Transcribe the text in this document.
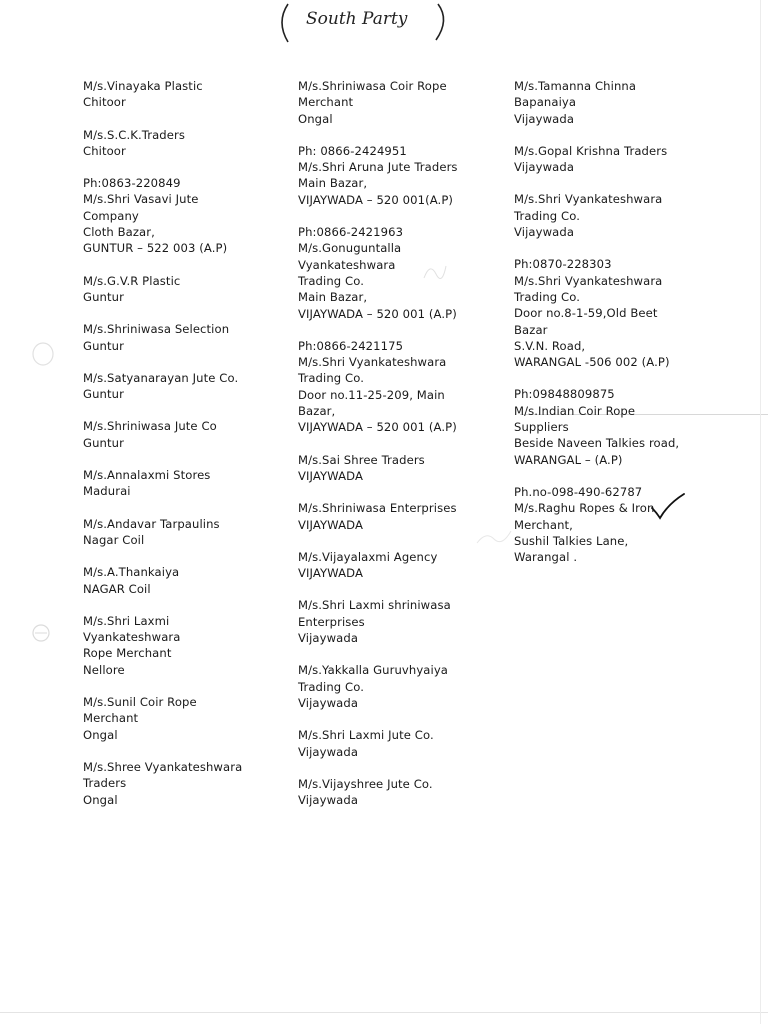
South Party
M/s.Vinayaka Plastic
Chitoor
M/s.S.C.K.Traders
Chitoor
Ph:0863-220849
M/s.Shri Vasavi Jute
Company
Cloth Bazar,
GUNTUR – 522 003 (A.P)
M/s.G.V.R Plastic
Guntur
M/s.Shriniwasa Selection
Guntur
M/s.Satyanarayan Jute Co.
Guntur
M/s.Shriniwasa Jute Co
Guntur
M/s.Annalaxmi Stores
Madurai
M/s.Andavar Tarpaulins
Nagar Coil
M/s.A.Thankaiya
NAGAR Coil
M/s.Shri Laxmi
Vyankateshwara
Rope Merchant
Nellore
M/s.Sunil Coir Rope
Merchant
Ongal
M/s.Shree Vyankateshwara
Traders
Ongal
M/s.Shriniwasa Coir Rope
Merchant
Ongal
Ph: 0866-2424951
M/s.Shri Aruna Jute Traders
Main Bazar,
VIJAYWADA – 520 001(A.P)
Ph:0866-2421963
M/s.Gonuguntalla
Vyankateshwara
Trading Co.
Main Bazar,
VIJAYWADA – 520 001 (A.P)
Ph:0866-2421175
M/s.Shri Vyankateshwara
Trading Co.
Door no.11-25-209, Main
Bazar,
VIJAYWADA – 520 001 (A.P)
M/s.Sai Shree Traders
VIJAYWADA
M/s.Shriniwasa Enterprises
VIJAYWADA
M/s.Vijayalaxmi Agency
VIJAYWADA
M/s.Shri Laxmi shriniwasa
Enterprises
Vijaywada
M/s.Yakkalla Guruvhyaiya
Trading Co.
Vijaywada
M/s.Shri Laxmi Jute Co.
Vijaywada
M/s.Vijayshree Jute Co.
Vijaywada
M/s.Tamanna Chinna
Bapanaiya
Vijaywada
M/s.Gopal Krishna Traders
Vijaywada
M/s.Shri Vyankateshwara
Trading Co.
Vijaywada
Ph:0870-228303
M/s.Shri Vyankateshwara
Trading Co.
Door no.8-1-59,Old Beet
Bazar
S.V.N. Road,
WARANGAL -506 002 (A.P)
Ph:09848809875
M/s.Indian Coir Rope
Suppliers
Beside Naveen Talkies road,
WARANGAL – (A.P)
Ph.no-098-490-62787
M/s.Raghu Ropes & Iron
Merchant,
Sushil Talkies Lane,
Warangal .
